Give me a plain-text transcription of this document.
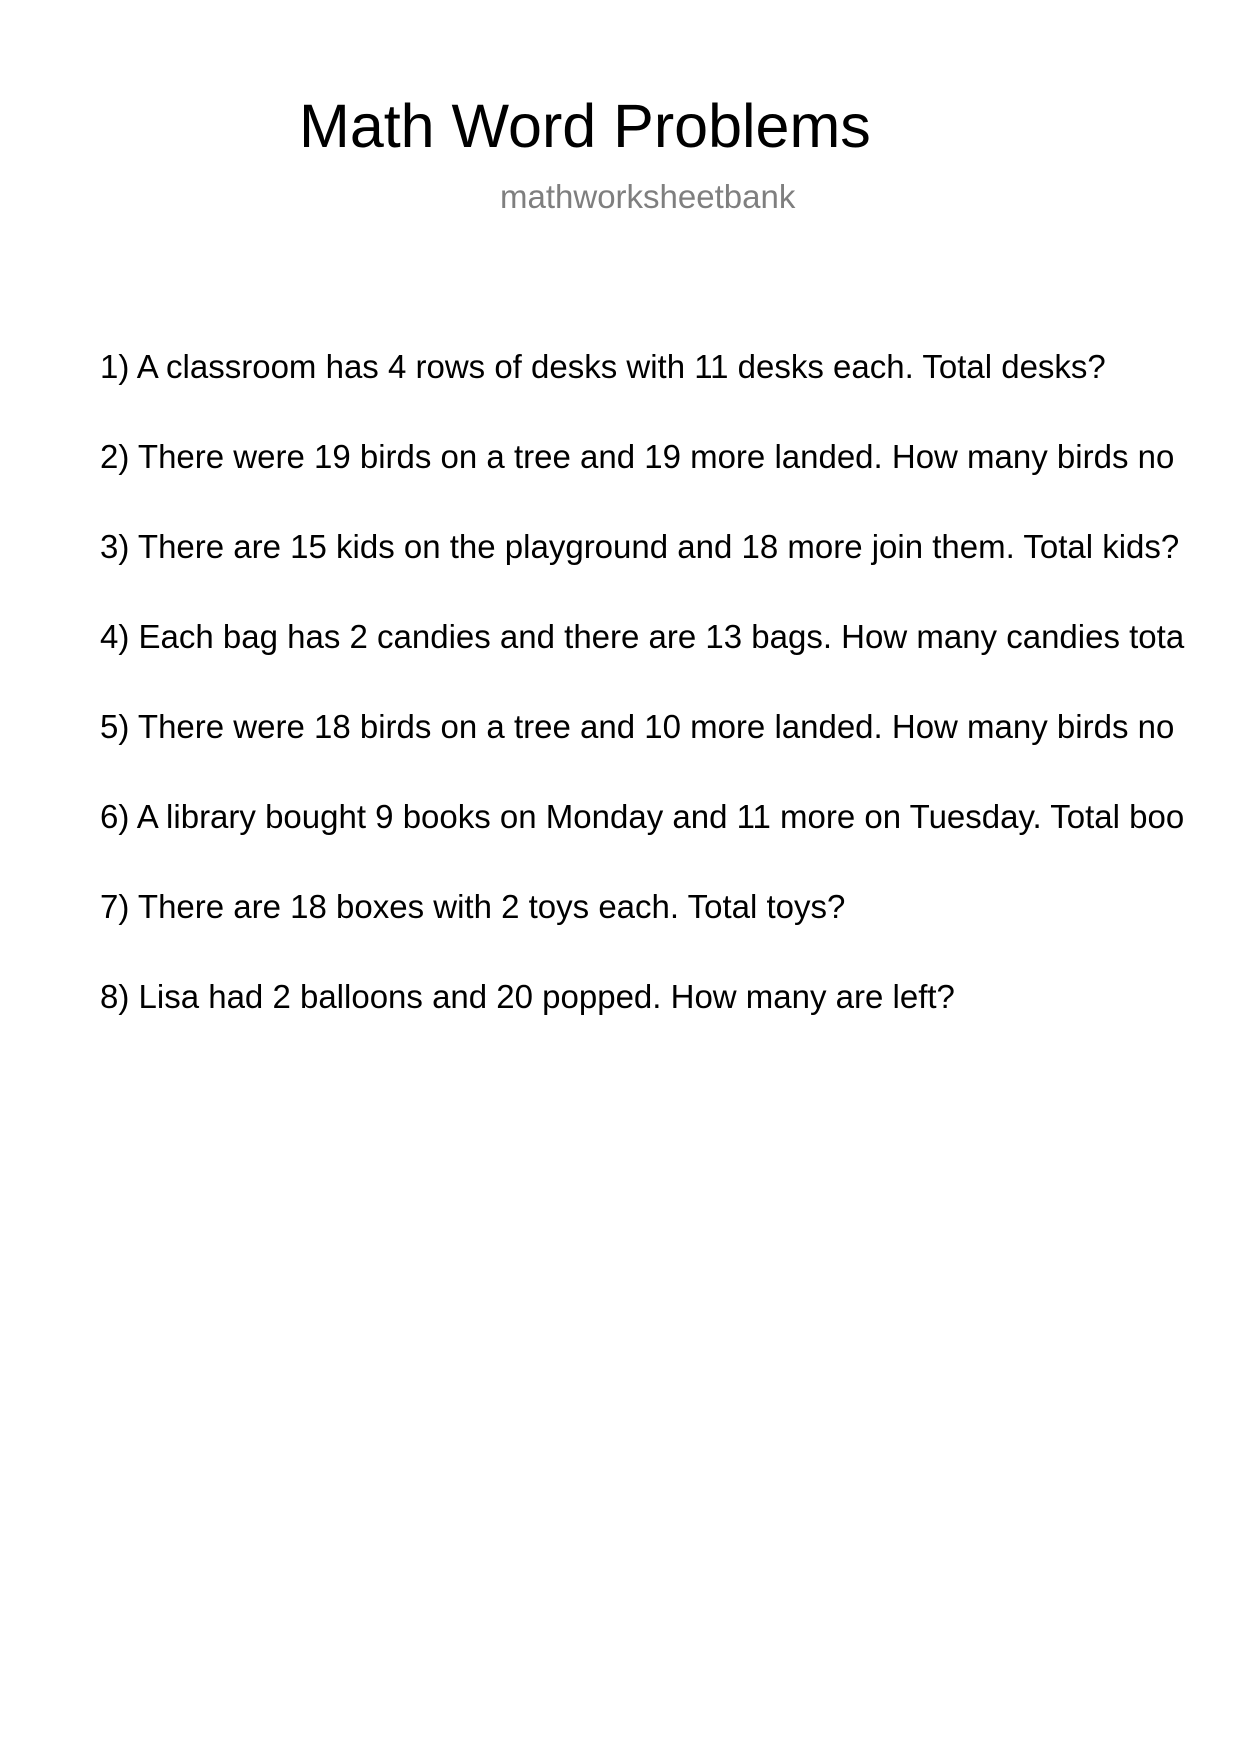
Math Word Problems
mathworksheetbank
1) A classroom has 4 rows of desks with 11 desks each. Total desks?
2) There were 19 birds on a tree and 19 more landed. How many birds no
3) There are 15 kids on the playground and 18 more join them. Total kids?
4) Each bag has 2 candies and there are 13 bags. How many candies tota
5) There were 18 birds on a tree and 10 more landed. How many birds no
6) A library bought 9 books on Monday and 11 more on Tuesday. Total boo
7) There are 18 boxes with 2 toys each. Total toys?
8) Lisa had 2 balloons and 20 popped. How many are left?
